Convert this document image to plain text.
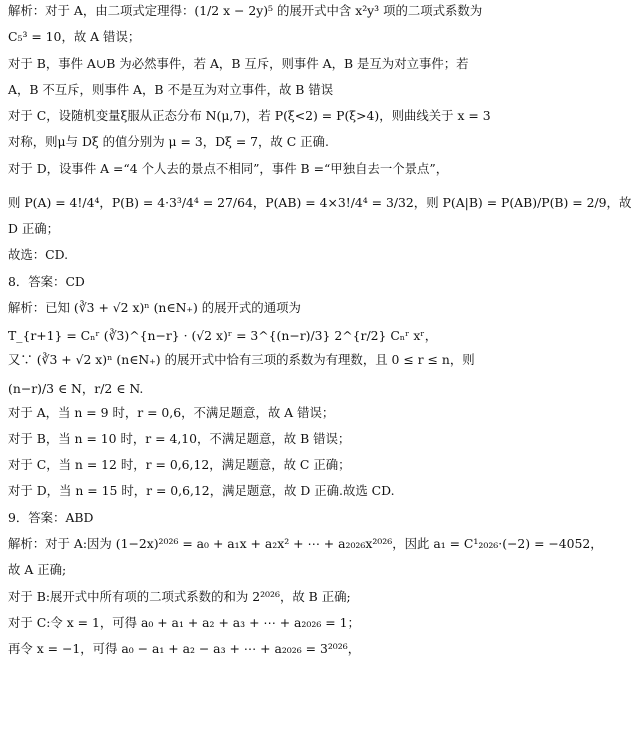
解析：对于 A，由二项式定理得：(1/2 x − 2y)⁵ 的展开式中含 x²y³ 项的二项式系数为
C₅³ = 10，故 A 错误；
对于 B，事件 A∪B 为必然事件，若 A，B 互斥，则事件 A，B 是互为对立事件；若
A，B 不互斥，则事件 A，B 不是互为对立事件，故 B 错误
对于 C，设随机变量ξ服从正态分布 N(μ,7)，若 P(ξ<2) = P(ξ>4)，则曲线关于 x = 3
对称，则μ与 Dξ 的值分别为 μ = 3，Dξ = 7，故 C 正确.
对于 D，设事件 A =“4 个人去的景点不相同”，事件 B =“甲独自去一个景点”，
则 P(A) = 4!/4⁴，P(B) = 4·3³/4⁴ = 27/64，P(AB) = 4×3!/4⁴ = 3/32，则 P(A|B) = P(AB)/P(B) = 2/9，故
D 正确；
故选：CD.
8．答案：CD
解析：已知 (∛3 + √2 x)ⁿ (n∈N₊) 的展开式的通项为
T_{r+1} = Cₙʳ (∛3)^{n−r} · (√2 x)ʳ = 3^{(n−r)/3} 2^{r/2} Cₙʳ xʳ，
又∵ (∛3 + √2 x)ⁿ (n∈N₊) 的展开式中恰有三项的系数为有理数，且 0 ≤ r ≤ n，则
(n−r)/3 ∈ N，r/2 ∈ N.
对于 A，当 n = 9 时，r = 0,6，不满足题意，故 A 错误；
对于 B，当 n = 10 时，r = 4,10，不满足题意，故 B 错误；
对于 C，当 n = 12 时，r = 0,6,12，满足题意，故 C 正确；
对于 D，当 n = 15 时，r = 0,6,12，满足题意，故 D 正确.故选 CD.
9．答案：ABD
解析：对于 A:因为 (1−2x)²⁰²⁶ = a₀ + a₁x + a₂x² + ⋯ + a₂₀₂₆x²⁰²⁶，因此 a₁ = C¹₂₀₂₆·(−2) = −4052，
故 A 正确;
对于 B:展开式中所有项的二项式系数的和为 2²⁰²⁶，故 B 正确;
对于 C:令 x = 1，可得 a₀ + a₁ + a₂ + a₃ + ⋯ + a₂₀₂₆ = 1；
再令 x = −1，可得 a₀ − a₁ + a₂ − a₃ + ⋯ + a₂₀₂₆ = 3²⁰²⁶，
